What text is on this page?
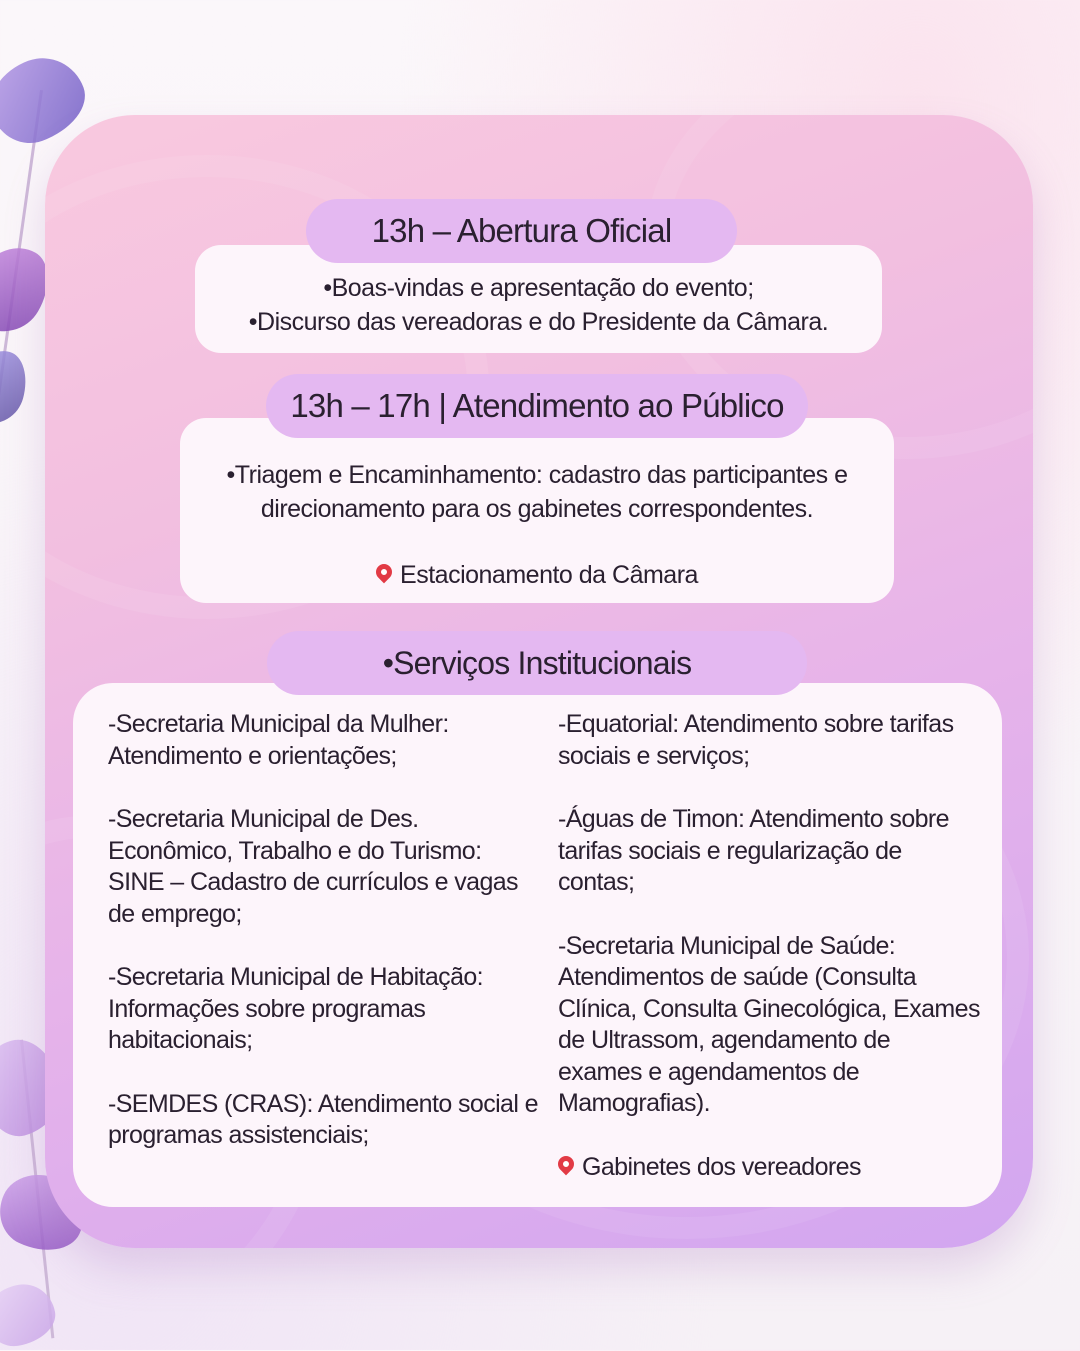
13h – Abertura Oficial
•Boas-vindas e apresentação do evento;
•Discurso das vereadoras e do Presidente da Câmara.
13h – 17h | Atendimento ao Público
•Triagem e Encaminhamento: cadastro das participantes e
direcionamento para os gabinetes correspondentes.
Estacionamento da Câmara
•Serviços Institucionais
-Secretaria Municipal da Mulher:
Atendimento e orientações;
-Secretaria Municipal de Des.
Econômico, Trabalho e do Turismo:
SINE – Cadastro de currículos e vagas
de emprego;
-Secretaria Municipal de Habitação:
Informações sobre programas
habitacionais;
-SEMDES (CRAS): Atendimento social e
programas assistenciais;
-Equatorial: Atendimento sobre tarifas
sociais e serviços;
-Águas de Timon: Atendimento sobre
tarifas sociais e regularização de
contas;
-Secretaria Municipal de Saúde:
Atendimentos de saúde (Consulta
Clínica, Consulta Ginecológica, Exames
de Ultrassom, agendamento de
exames e agendamentos de
Mamografias).
Gabinetes dos vereadores
